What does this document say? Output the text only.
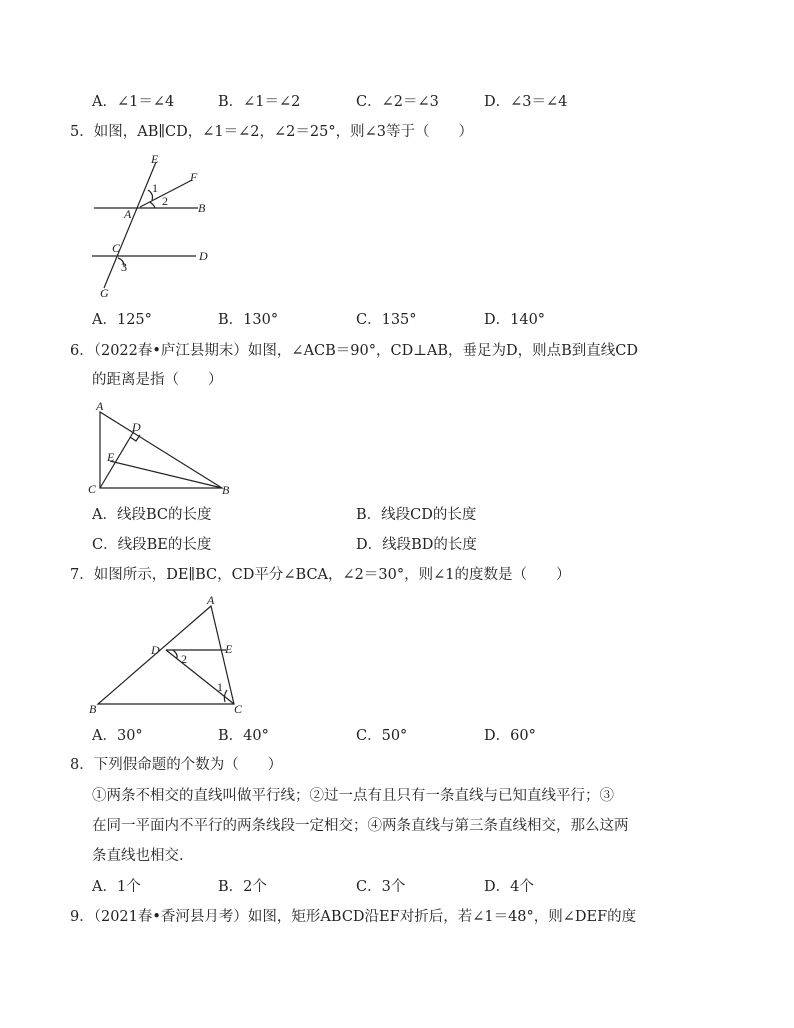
A．∠1＝∠4	B．∠1＝∠2	C．∠2＝∠3	D．∠3＝∠4
5．如图，AB∥CD，∠1＝∠2，∠2＝25°，则∠3等于（　　）
E
F
A	B
C
D
G
1
2
3
A．125°	B．130°	C．135°	D．140°
6．（2022春•庐江县期末）如图，∠ACB＝90°，CD⊥AB，垂足为D，则点B到直线CD
的距离是指（　　）
A
D
E
C	B
A．线段BC的长度	B．线段CD的长度
C．线段BE的长度	D．线段BD的长度
7．如图所示，DE∥BC，CD平分∠BCA，∠2＝30°，则∠1的度数是（　　）
A
D	E
B	C
2
1
A．30°	B．40°	C．50°	D．60°
8．下列假命题的个数为（　　）
①两条不相交的直线叫做平行线；②过一点有且只有一条直线与已知直线平行；③
在同一平面内不平行的两条线段一定相交；④两条直线与第三条直线相交，那么这两
条直线也相交.
A．1个	B．2个	C．3个	D．4个
9．（2021春•香河县月考）如图，矩形ABCD沿EF对折后，若∠1＝48°，则∠DEF的度
